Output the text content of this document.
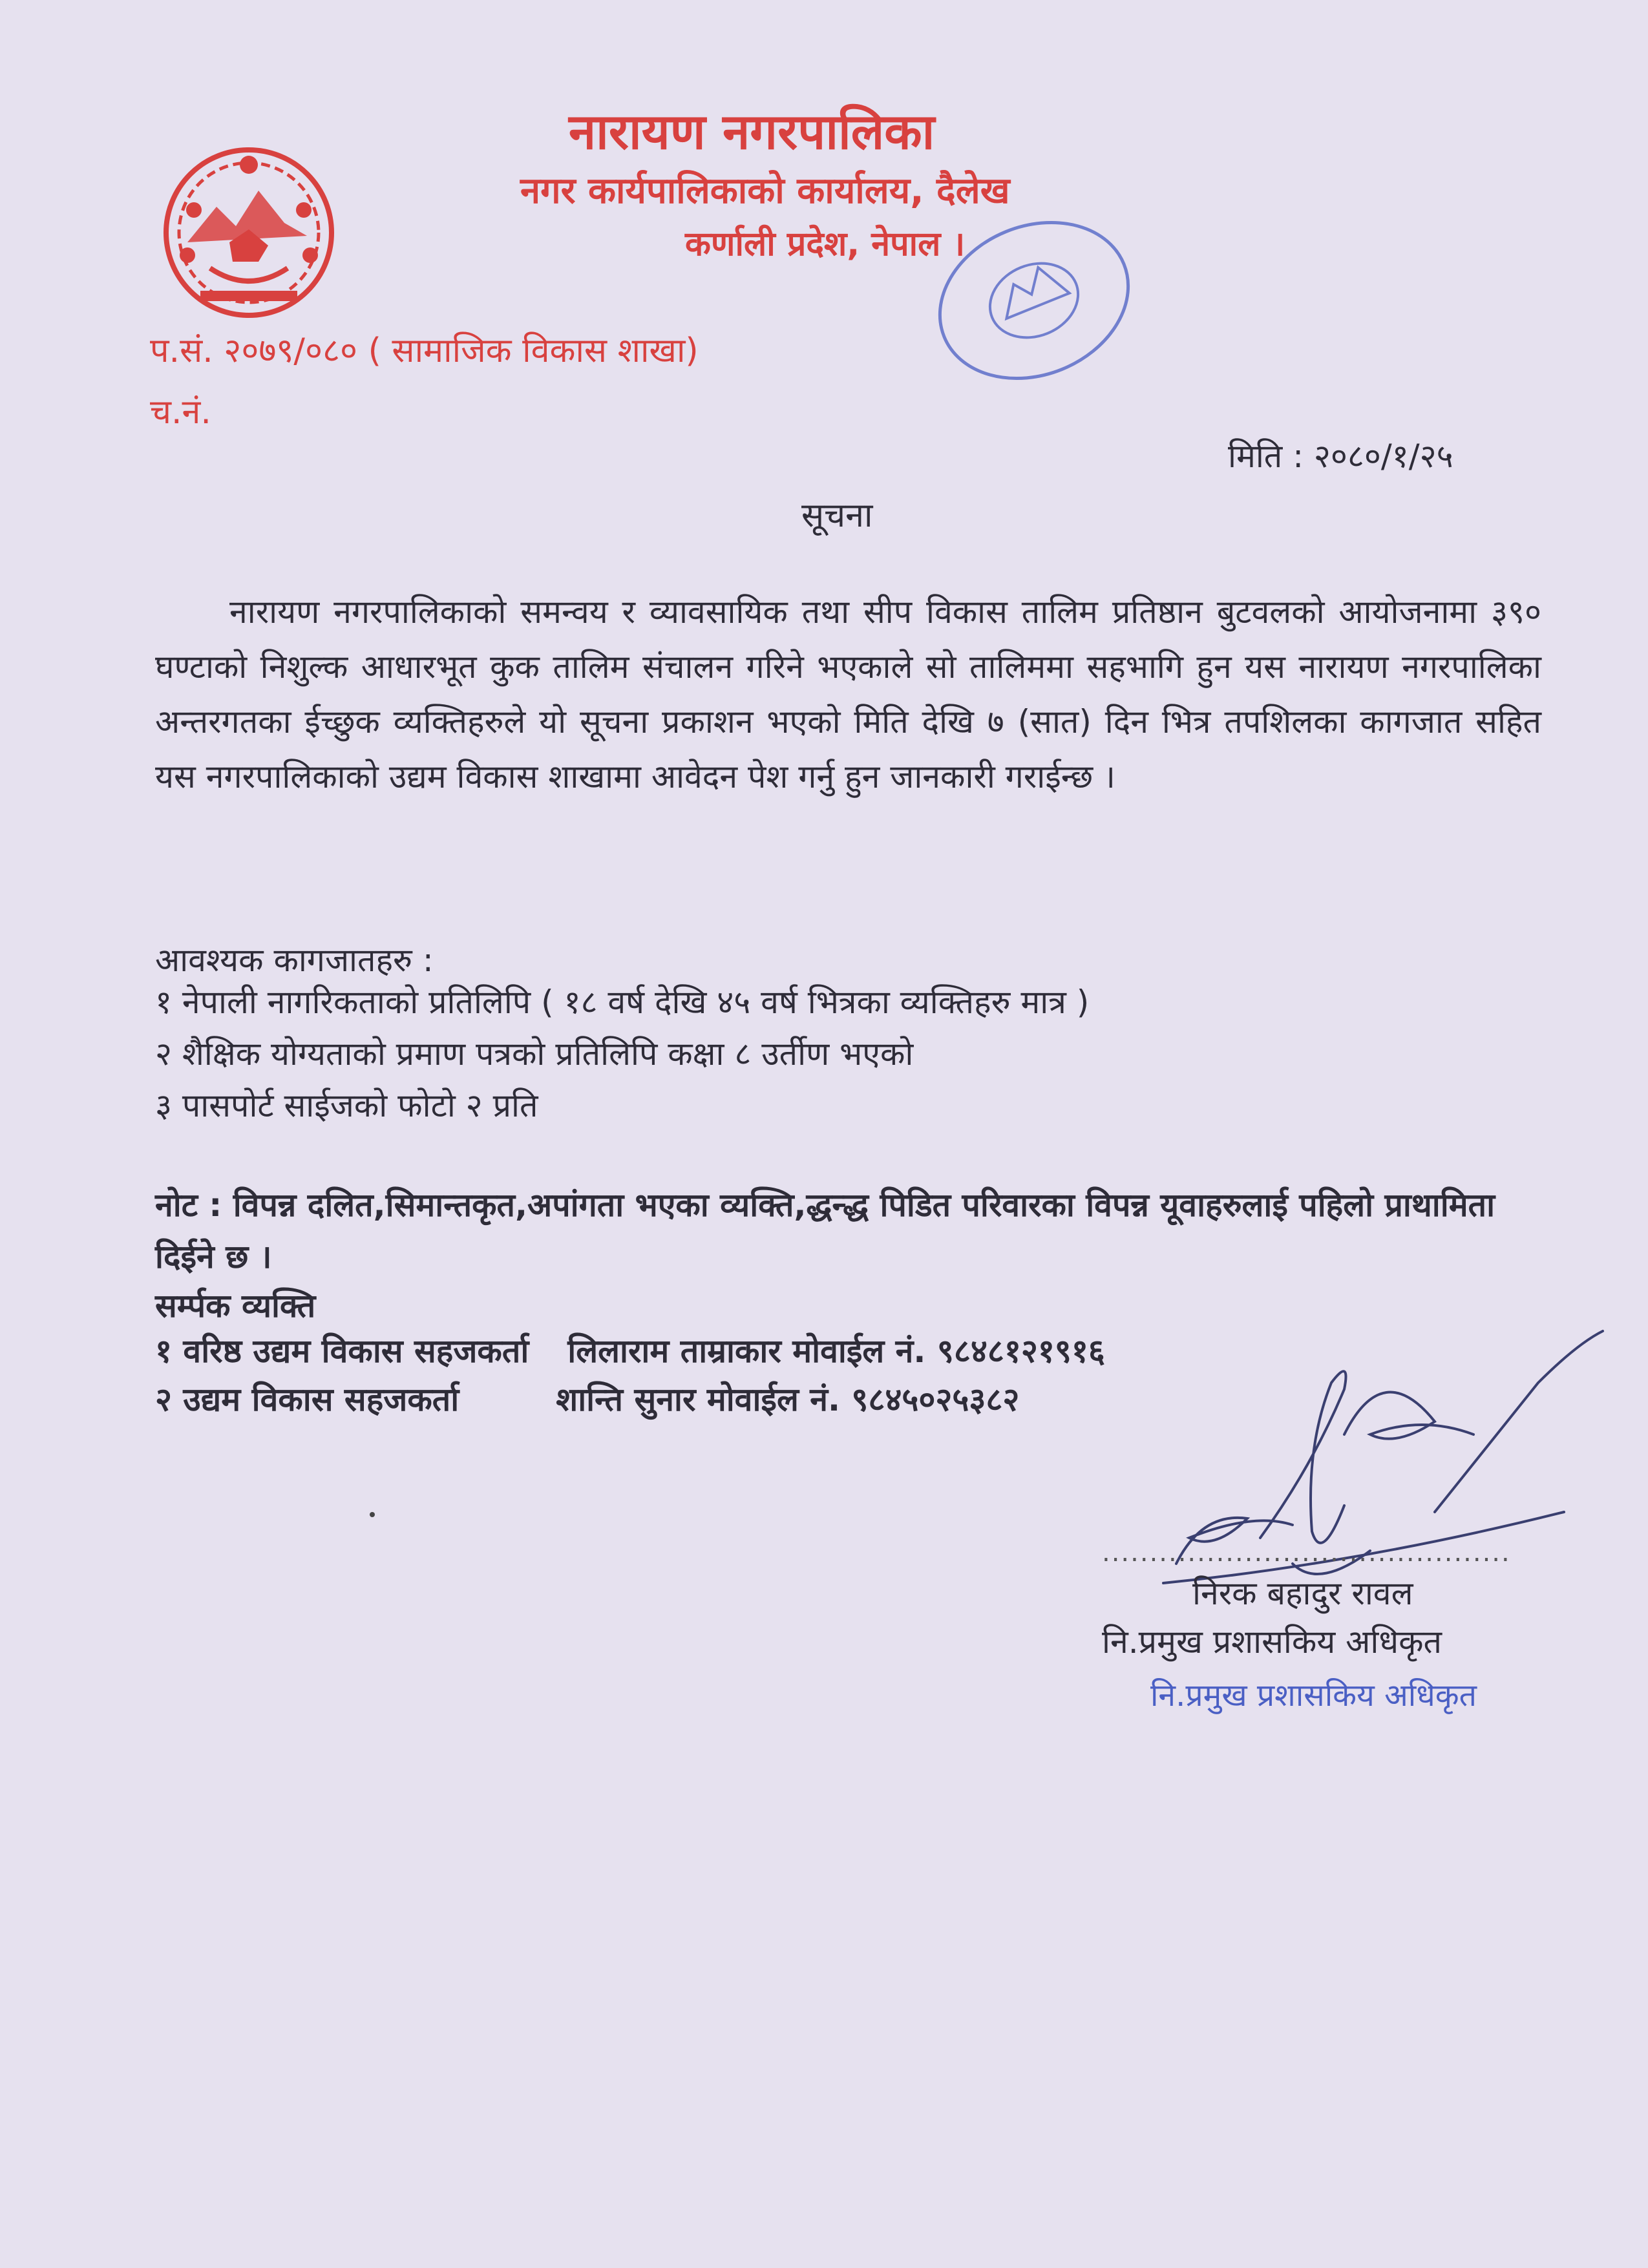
नारायण नगरपालिका
नगर कार्यपालिकाको कार्यालय, दैलेख
कर्णाली प्रदेश, नेपाल ।
प.सं. २०७९/०८० ( सामाजिक विकास शाखा)
च.नं.
मिति : २०८०/१/२५
सूचना

नारायण नगरपालिकाको समन्वय र व्यावसायिक तथा सीप विकास तालिम प्रतिष्ठान बुटवलको आयोजनामा ३९० घण्टाको निशुल्क आधारभूत कुक तालिम संचालन गरिने भएकाले सो तालिममा सहभागि हुन यस नारायण नगरपालिका अन्तरगतका ईच्छुक व्यक्तिहरुले यो सूचना प्रकाशन भएको मिति देखि ७ (सात) दिन भित्र तपशिलका कागजात सहित यस नगरपालिकाको उद्यम विकास शाखामा आवेदन पेश गर्नु हुन जानकारी गराईन्छ ।

आवश्यक कागजातहरु :
१ नेपाली नागरिकताको प्रतिलिपि ( १८ वर्ष देखि ४५ वर्ष भित्रका व्यक्तिहरु मात्र )
२ शैक्षिक योग्यताको प्रमाण पत्रको प्रतिलिपि कक्षा ८ उर्तीण भएको
३ पासपोर्ट साईजको फोटो २ प्रति

नोट : विपन्न दलित,सिमान्तकृत,अपांगता भएका व्यक्ति,द्धन्द्ध पिडित परिवारका विपन्न यूवाहरुलाई पहिलो प्राथामिता दिईने छ ।

सर्म्पक व्यक्ति
१ वरिष्ठ उद्यम विकास सहजकर्ता लिलाराम ताम्राकार मोवाईल नं. ९८४८१२१९१६
२ उद्यम विकास सहजकर्ता	शान्ति सुनार मोवाईल नं. ९८४५०२५३८२
...........................................
निरक बहादुर रावल
नि.प्रमुख प्रशासकिय अधिकृत
नि.प्रमुख प्रशासकिय अधिकृत
